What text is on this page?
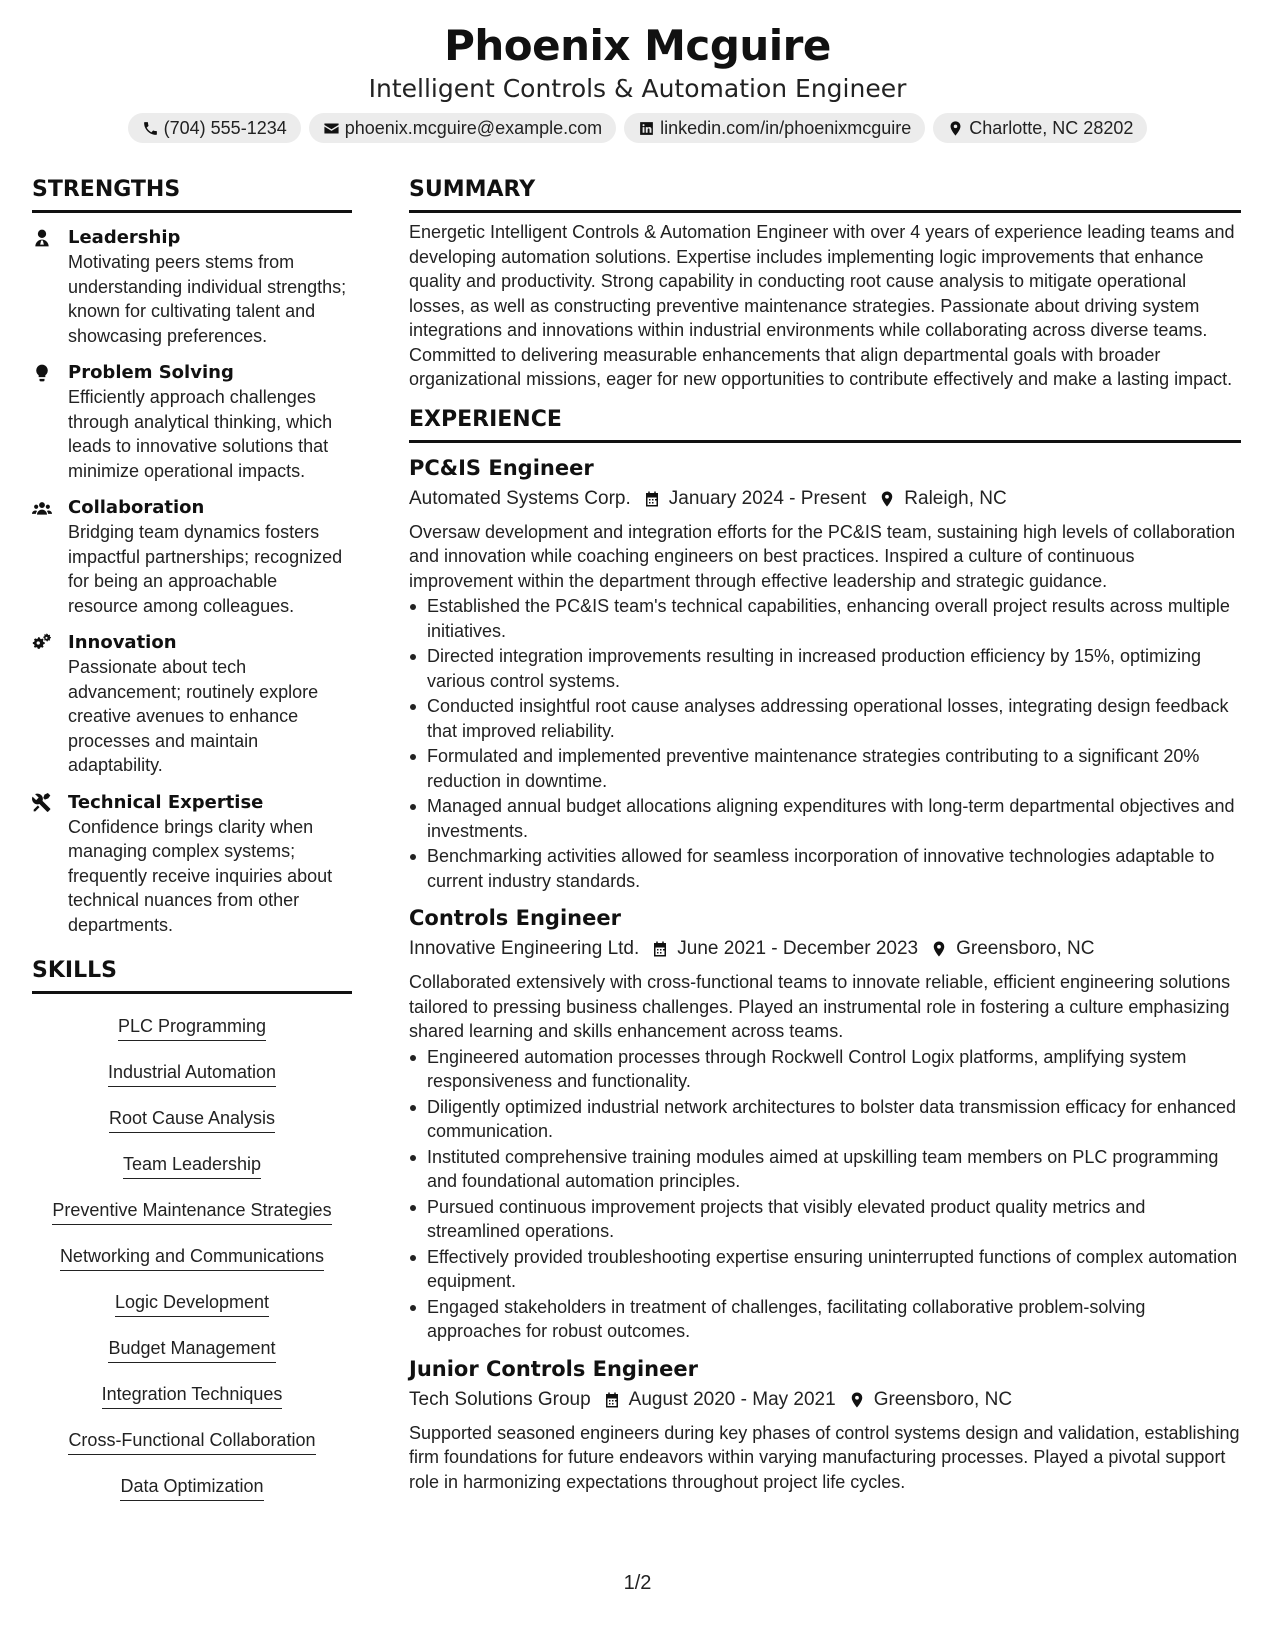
Phoenix Mcguire
Intelligent Controls & Automation Engineer
(704) 555-1234	phoenix.mcguire@example.com	linkedin.com/in/phoenixmcguire	Charlotte, NC 28202
STRENGTHS
Leadership
Motivating peers stems from understanding individual strengths; known for cultivating talent and showcasing preferences.
Problem Solving
Efficiently approach challenges through analytical thinking, which leads to innovative solutions that minimize operational impacts.
Collaboration
Bridging team dynamics fosters impactful partnerships; recognized for being an approachable resource among colleagues.
Innovation
Passionate about tech advancement; routinely explore creative avenues to enhance processes and maintain adaptability.
Technical Expertise
Confidence brings clarity when managing complex systems; frequently receive inquiries about technical nuances from other departments.
SKILLS
PLC Programming
Industrial Automation
Root Cause Analysis
Team Leadership
Preventive Maintenance Strategies
Networking and Communications
Logic Development
Budget Management
Integration Techniques
Cross-Functional Collaboration
Data Optimization
SUMMARY
Energetic Intelligent Controls & Automation Engineer with over 4 years of experience leading teams and developing automation solutions. Expertise includes implementing logic improvements that enhance quality and productivity. Strong capability in conducting root cause analysis to mitigate operational losses, as well as constructing preventive maintenance strategies. Passionate about driving system integrations and innovations within industrial environments while collaborating across diverse teams. Committed to delivering measurable enhancements that align departmental goals with broader organizational missions, eager for new opportunities to contribute effectively and make a lasting impact.
EXPERIENCE
PC&IS Engineer
Automated Systems Corp. January 2024 - Present Raleigh, NC
Oversaw development and integration efforts for the PC&IS team, sustaining high levels of collaboration and innovation while coaching engineers on best practices. Inspired a culture of continuous improvement within the department through effective leadership and strategic guidance.
Established the PC&IS team's technical capabilities, enhancing overall project results across multiple initiatives.
Directed integration improvements resulting in increased production efficiency by 15%, optimizing various control systems.
Conducted insightful root cause analyses addressing operational losses, integrating design feedback that improved reliability.
Formulated and implemented preventive maintenance strategies contributing to a significant 20% reduction in downtime.
Managed annual budget allocations aligning expenditures with long-term departmental objectives and investments.
Benchmarking activities allowed for seamless incorporation of innovative technologies adaptable to current industry standards.
Controls Engineer
Innovative Engineering Ltd. June 2021 - December 2023 Greensboro, NC
Collaborated extensively with cross-functional teams to innovate reliable, efficient engineering solutions tailored to pressing business challenges. Played an instrumental role in fostering a culture emphasizing shared learning and skills enhancement across teams.
Engineered automation processes through Rockwell Control Logix platforms, amplifying system responsiveness and functionality.
Diligently optimized industrial network architectures to bolster data transmission efficacy for enhanced communication.
Instituted comprehensive training modules aimed at upskilling team members on PLC programming and foundational automation principles.
Pursued continuous improvement projects that visibly elevated product quality metrics and streamlined operations.
Effectively provided troubleshooting expertise ensuring uninterrupted functions of complex automation equipment.
Engaged stakeholders in treatment of challenges, facilitating collaborative problem-solving approaches for robust outcomes.
Junior Controls Engineer
Tech Solutions Group August 2020 - May 2021 Greensboro, NC
Supported seasoned engineers during key phases of control systems design and validation, establishing firm foundations for future endeavors within varying manufacturing processes. Played a pivotal support role in harmonizing expectations throughout project life cycles.
1/2
